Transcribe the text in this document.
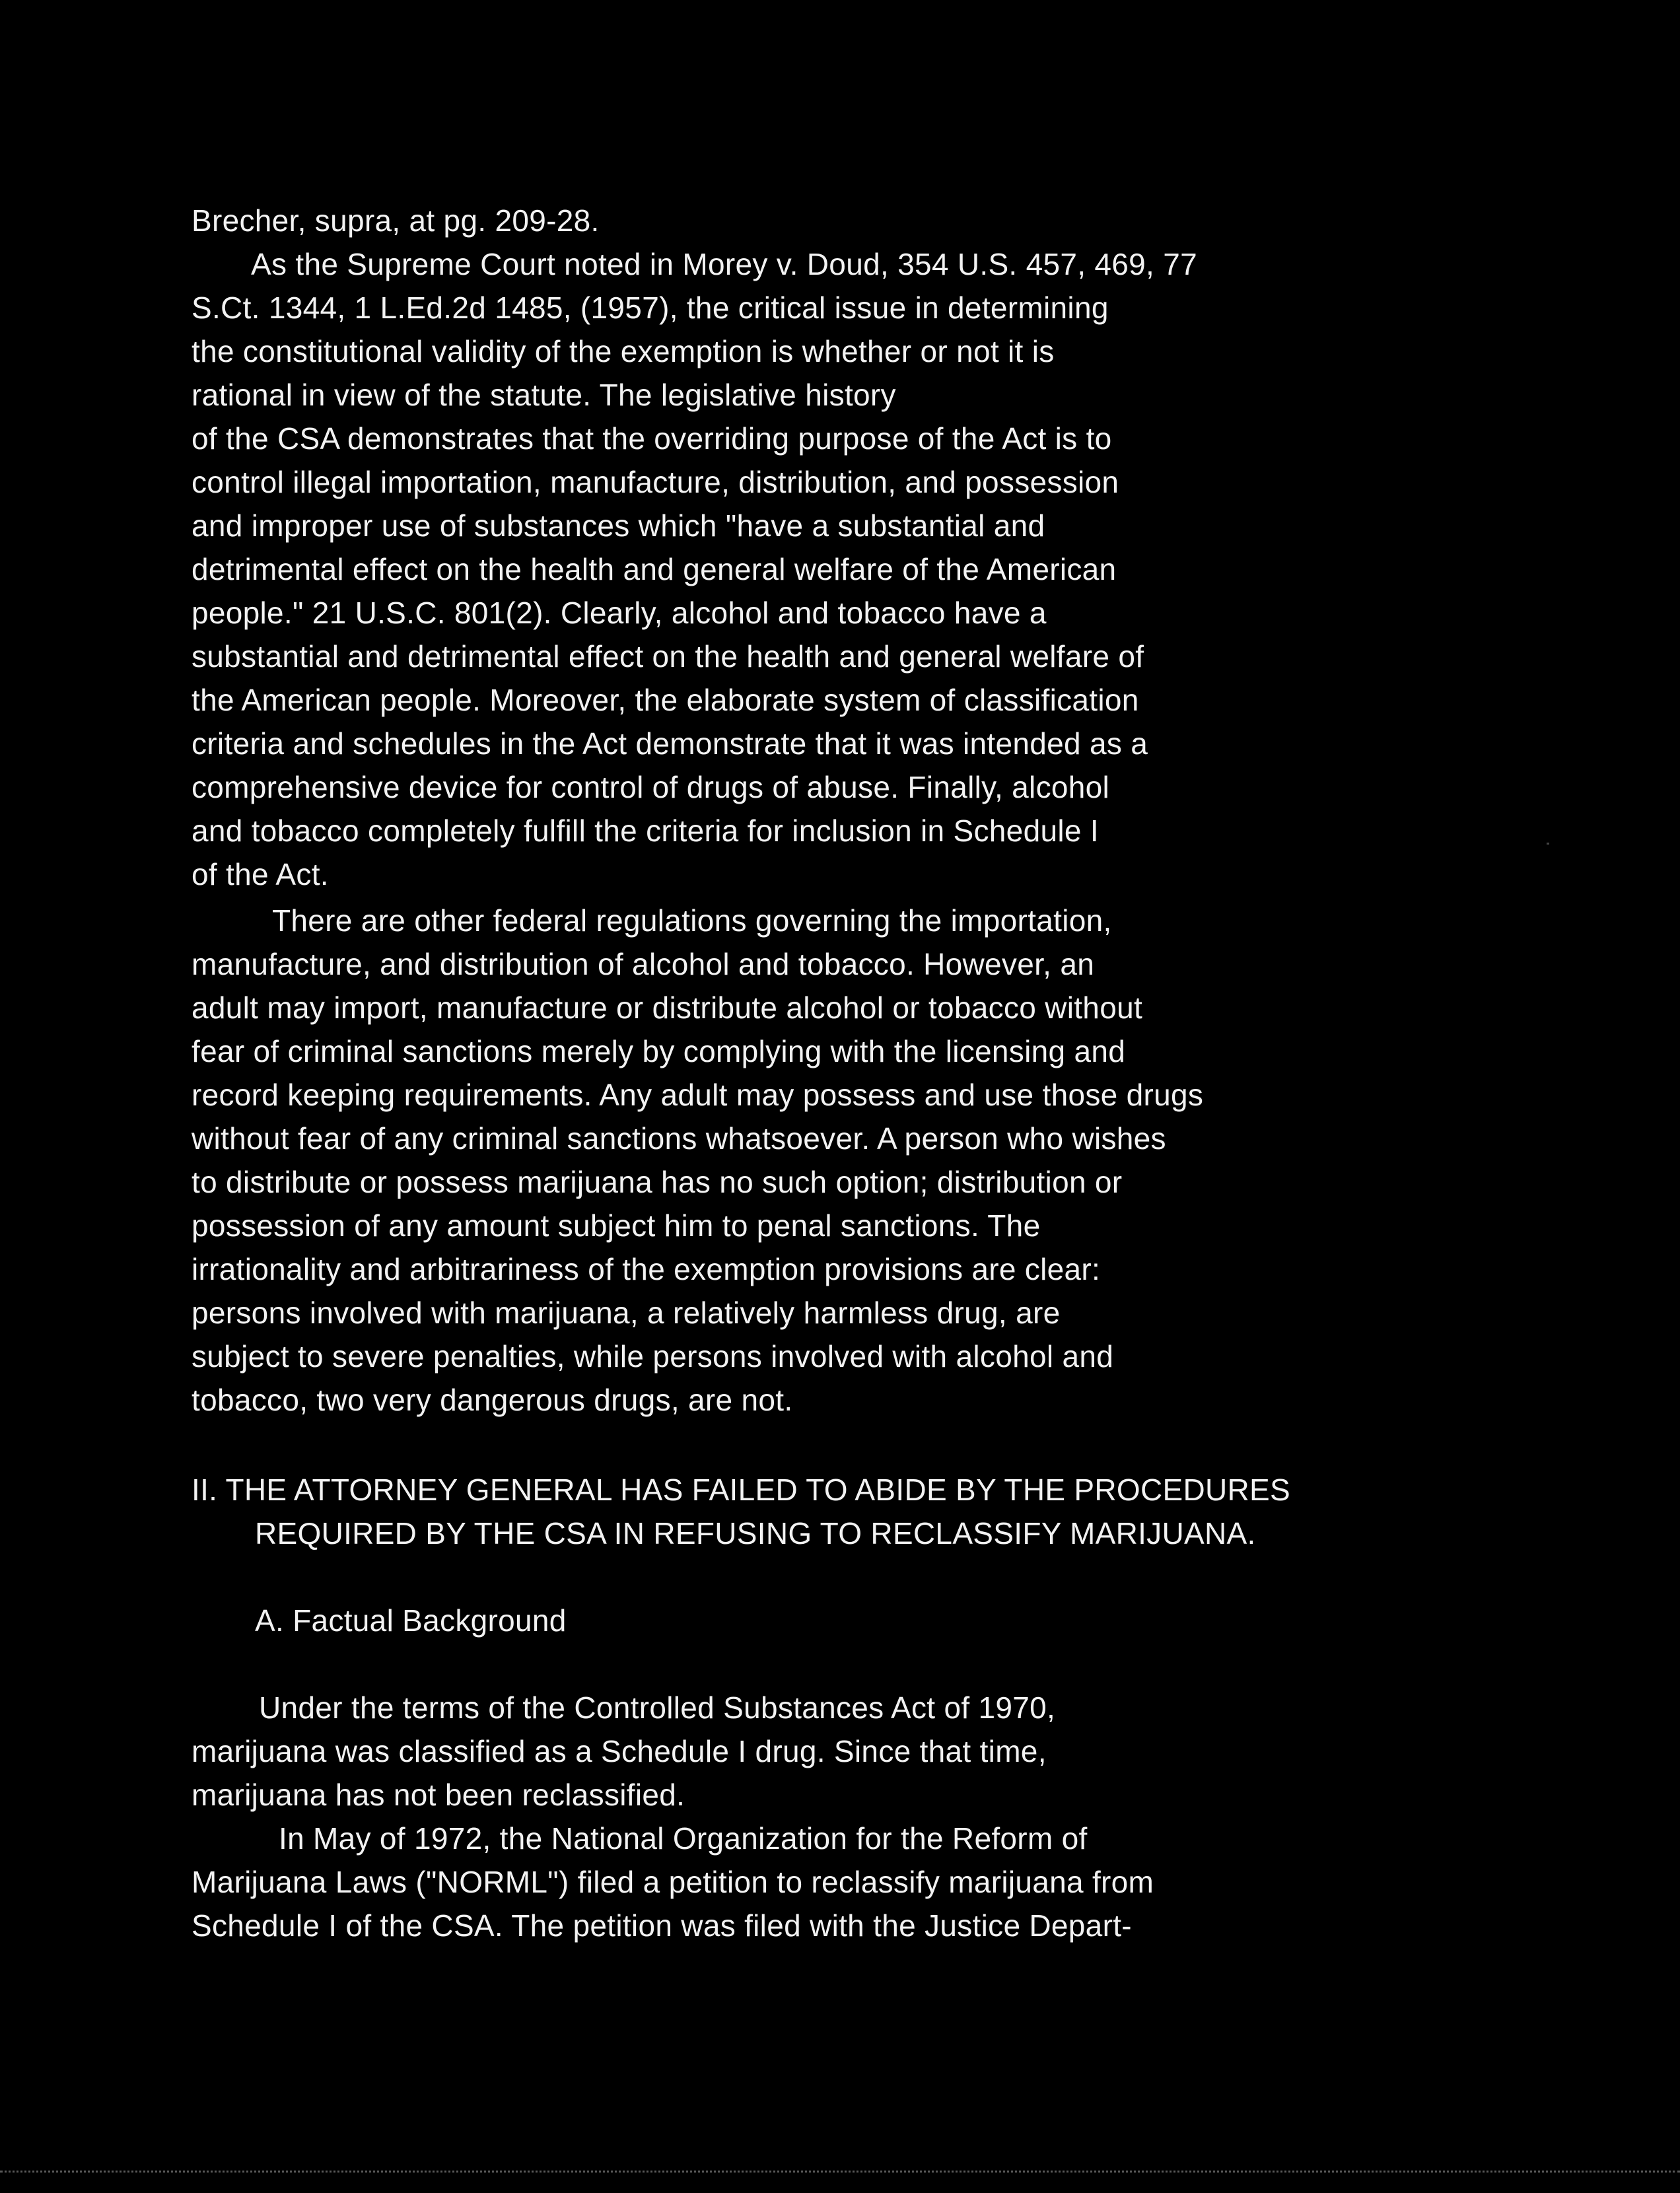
Brecher, supra, at pg. 209-28.
As the Supreme Court noted in Morey v. Doud, 354 U.S. 457, 469, 77
S.Ct. 1344, 1 L.Ed.2d 1485, (1957), the critical issue in determining
the constitutional validity of the exemption is whether or not it is
rational in view of the statute. The legislative history
of the CSA demonstrates that the overriding purpose of the Act is to
control illegal importation, manufacture, distribution, and possession
and improper use of substances which "have a substantial and
detrimental effect on the health and general welfare of the American
people." 21 U.S.C. 801(2). Clearly, alcohol and tobacco have a
substantial and detrimental effect on the health and general welfare of
the American people. Moreover, the elaborate system of classification
criteria and schedules in the Act demonstrate that it was intended as a
comprehensive device for control of drugs of abuse. Finally, alcohol
and tobacco completely fulfill the criteria for inclusion in Schedule I
of the Act.
There are other federal regulations governing the importation,
manufacture, and distribution of alcohol and tobacco. However, an
adult may import, manufacture or distribute alcohol or tobacco without
fear of criminal sanctions merely by complying with the licensing and
record keeping requirements. Any adult may possess and use those drugs
without fear of any criminal sanctions whatsoever. A person who wishes
to distribute or possess marijuana has no such option; distribution or
possession of any amount subject him to penal sanctions. The
irrationality and arbitrariness of the exemption provisions are clear:
persons involved with marijuana, a relatively harmless drug, are
subject to severe penalties, while persons involved with alcohol and
tobacco, two very dangerous drugs, are not.
II. THE ATTORNEY GENERAL HAS FAILED TO ABIDE BY THE PROCEDURES
REQUIRED BY THE CSA IN REFUSING TO RECLASSIFY MARIJUANA.
A. Factual Background
Under the terms of the Controlled Substances Act of 1970,
marijuana was classified as a Schedule I drug. Since that time,
marijuana has not been reclassified.
In May of 1972, the National Organization for the Reform of
Marijuana Laws ("NORML") filed a petition to reclassify marijuana from
Schedule I of the CSA. The petition was filed with the Justice Depart-
